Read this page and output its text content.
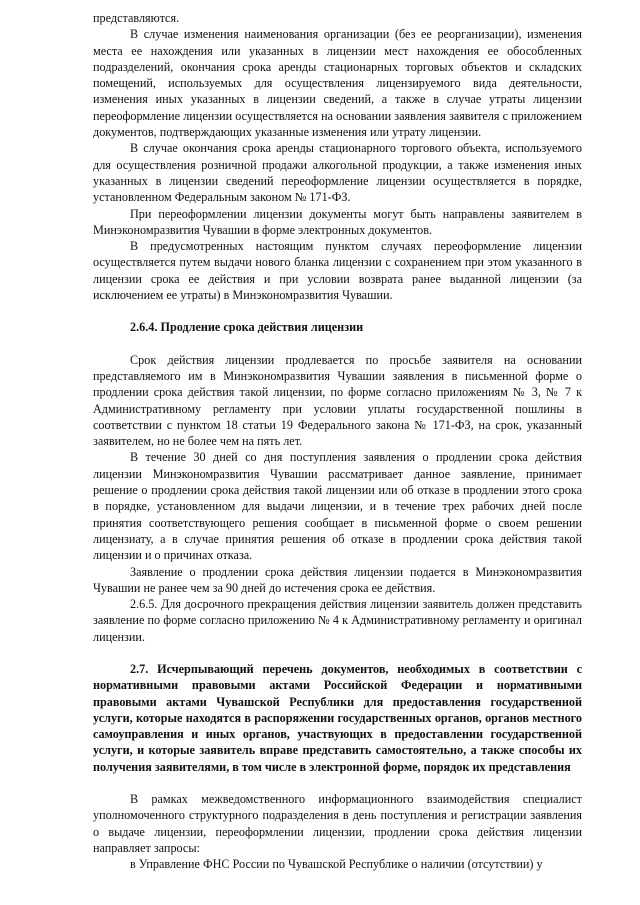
представляются.

В случае изменения наименования организации (без ее реорганизации), изменения места ее нахождения или указанных в лицензии мест нахождения ее обособленных подразделений, окончания срока аренды стационарных торговых объектов и складских помещений, используемых для осуществления лицензируемого вида деятельности, изменения иных указанных в лицензии сведений, а также в случае утраты лицензии переоформление лицензии осуществляется на основании заявления заявителя с приложением документов, подтверждающих указанные изменения или утрату лицензии.

В случае окончания срока аренды стационарного торгового объекта, используемого для осуществления розничной продажи алкогольной продукции, а также изменения иных указанных в лицензии сведений переоформление лицензии осуществляется в порядке, установленном Федеральным законом № 171-ФЗ.

При переоформлении лицензии документы могут быть направлены заявителем в Минэкономразвития Чувашии в форме электронных документов.

В предусмотренных настоящим пунктом случаях переоформление лицензии осуществляется путем выдачи нового бланка лицензии с сохранением при этом указанного в лицензии срока ее действия и при условии возврата ранее выданной лицензии (за исключением ее утраты) в Минэкономразвития Чувашии.

2.6.4. Продление срока действия лицензии

Срок действия лицензии продлевается по просьбе заявителя на основании представляемого им в Минэкономразвития Чувашии заявления в письменной форме о продлении срока действия такой лицензии, по форме согласно приложениям № 3, № 7 к Административному регламенту при условии уплаты государственной пошлины в соответствии с пунктом 18 статьи 19 Федерального закона № 171-ФЗ, на срок, указанный заявителем, но не более чем на пять лет.

В течение 30 дней со дня поступления заявления о продлении срока действия лицензии Минэкономразвития Чувашии рассматривает данное заявление, принимает решение о продлении срока действия такой лицензии или об отказе в продлении этого срока в порядке, установленном для выдачи лицензии, и в течение трех рабочих дней после принятия соответствующего решения сообщает в письменной форме о своем решении лицензиату, а в случае принятия решения об отказе в продлении срока действия такой лицензии и о причинах отказа.

Заявление о продлении срока действия лицензии подается в Минэкономразвития Чувашии не ранее чем за 90 дней до истечения срока ее действия.

2.6.5. Для досрочного прекращения действия лицензии заявитель должен представить заявление по форме согласно приложению № 4 к Административному регламенту и оригинал лицензии.

2.7. Исчерпывающий перечень документов, необходимых в соответствии с нормативными правовыми актами Российской Федерации и нормативными правовыми актами Чувашской Республики для предоставления государственной услуги, которые находятся в распоряжении государственных органов, органов местного самоуправления и иных органов, участвующих в предоставлении государственной услуги, и которые заявитель вправе представить самостоятельно, а также способы их получения заявителями, в том числе в электронной форме, порядок их представления

В рамках межведомственного информационного взаимодействия специалист уполномоченного структурного подразделения в день поступления и регистрации заявления о выдаче лицензии, переоформлении лицензии, продлении срока действия лицензии направляет запросы:

в Управление ФНС России по Чувашской Республике о наличии (отсутствии) у
